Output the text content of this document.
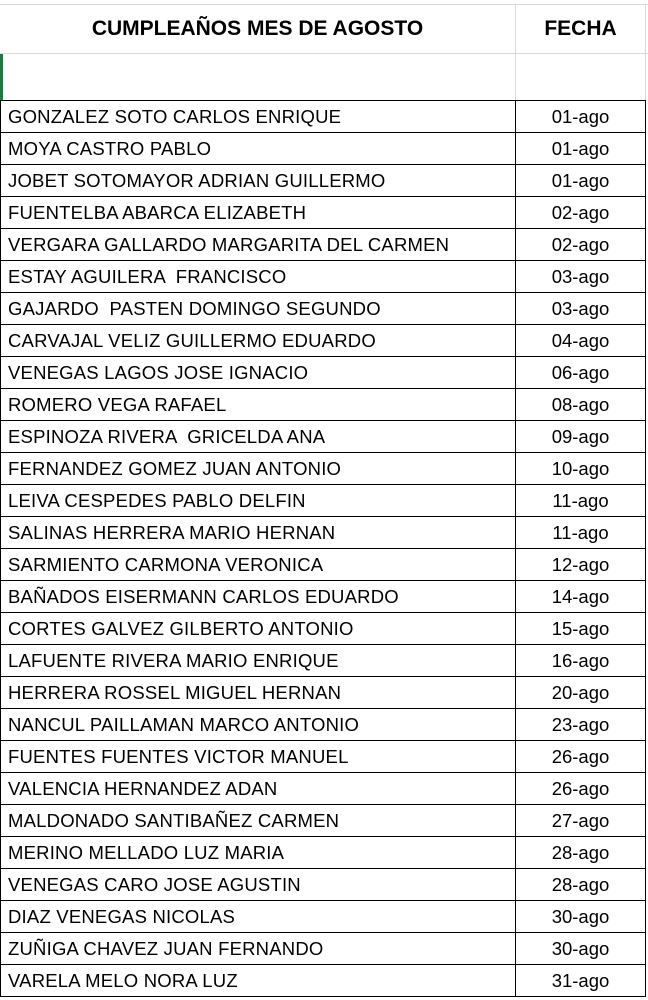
CUMPLEAÑOS MES DE AGOSTO	FECHA
GONZALEZ SOTO CARLOS ENRIQUE	01-ago
MOYA CASTRO PABLO	01-ago
JOBET SOTOMAYOR ADRIAN GUILLERMO	01-ago
FUENTELBA ABARCA ELIZABETH	02-ago
VERGARA GALLARDO MARGARITA DEL CARMEN	02-ago
ESTAY AGUILERA  FRANCISCO	03-ago
GAJARDO  PASTEN DOMINGO SEGUNDO	03-ago
CARVAJAL VELIZ GUILLERMO EDUARDO	04-ago
VENEGAS LAGOS JOSE IGNACIO	06-ago
ROMERO VEGA RAFAEL	08-ago
ESPINOZA RIVERA  GRICELDA ANA	09-ago
FERNANDEZ GOMEZ JUAN ANTONIO	10-ago
LEIVA CESPEDES PABLO DELFIN	11-ago
SALINAS HERRERA MARIO HERNAN	11-ago
SARMIENTO CARMONA VERONICA	12-ago
BAÑADOS EISERMANN CARLOS EDUARDO	14-ago
CORTES GALVEZ GILBERTO ANTONIO	15-ago
LAFUENTE RIVERA MARIO ENRIQUE	16-ago
HERRERA ROSSEL MIGUEL HERNAN	20-ago
NANCUL PAILLAMAN MARCO ANTONIO	23-ago
FUENTES FUENTES VICTOR MANUEL	26-ago
VALENCIA HERNANDEZ ADAN	26-ago
MALDONADO SANTIBAÑEZ CARMEN	27-ago
MERINO MELLADO LUZ MARIA	28-ago
VENEGAS CARO JOSE AGUSTIN	28-ago
DIAZ VENEGAS NICOLAS	30-ago
ZUÑIGA CHAVEZ JUAN FERNANDO	30-ago
VARELA MELO NORA LUZ	31-ago
